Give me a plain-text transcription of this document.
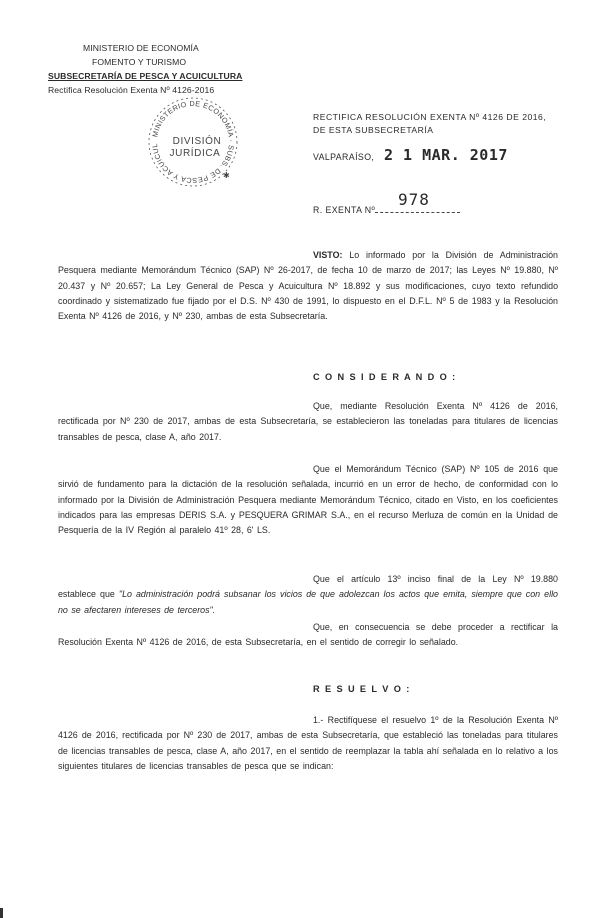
MINISTERIO DE ECONOMÍA
FOMENTO Y TURISMO
SUBSECRETARÍA DE PESCA Y ACUICULTURA
Rectifica Resolución Exenta Nº 4126-2016
MINISTERIO DE ECONOMÍA · SUBS. DE PESCA Y ACUICUL	DIVISIÓN
JURÍDICA
✱
RECTIFICA RESOLUCIÓN EXENTA Nº 4126 DE 2016, DE ESTA SUBSECRETARÍA
VALPARAÍSO, 2 1 MAR. 2017
R. EXENTA Nº
978
VISTO: Lo informado por la División de Administración Pesquera mediante Memorándum Técnico (SAP) Nº 26-2017, de fecha 10 de marzo de 2017; las Leyes Nº 19.880, Nº 20.437 y Nº 20.657; La Ley General de Pesca y Acuicultura Nº 18.892 y sus modificaciones, cuyo texto refundido coordinado y sistematizado fue fijado por el D.S. Nº 430 de 1991, lo dispuesto en el D.F.L. Nº 5 de 1983 y la Resolución Exenta Nº 4126 de 2016, y Nº 230, ambas de esta Subsecretaría.
C O N S I D E R A N D O :
Que, mediante Resolución Exenta Nº 4126 de 2016, rectificada por Nº 230 de 2017, ambas de esta Subsecretaría, se establecieron las toneladas para titulares de licencias transables de pesca, clase A, año 2017.
Que el Memorándum Técnico (SAP) Nº 105 de 2016 que sirvió de fundamento para la dictación de la resolución señalada, incurrió en un error de hecho, de conformidad con lo informado por la División de Administración Pesquera mediante Memorándum Técnico, citado en Visto, en los coeficientes indicados para las empresas DERIS S.A. y PESQUERA GRIMAR S.A., en el recurso Merluza de común en la Unidad de Pesquería de la IV Región al paralelo 41º 28, 6' LS.
Que el artículo 13º inciso final de la Ley Nº 19.880 establece que "Lo administración podrá subsanar los vicios de que adolezcan los actos que emita, siempre que con ello no se afectaren intereses de terceros".
Que, en consecuencia se debe proceder a rectificar la Resolución Exenta Nº 4126 de 2016, de esta Subsecretaría, en el sentido de corregir lo señalado.
R E S U E L V O :
1.- Rectifíquese el resuelvo 1º de la Resolución Exenta Nº 4126 de 2016, rectificada por Nº 230 de 2017, ambas de esta Subsecretaría, que estableció las toneladas para titulares de licencias transables de pesca, clase A, año 2017, en el sentido de reemplazar la tabla ahí señalada en lo relativo a los siguientes titulares de licencias transables de pesca que se indican:
